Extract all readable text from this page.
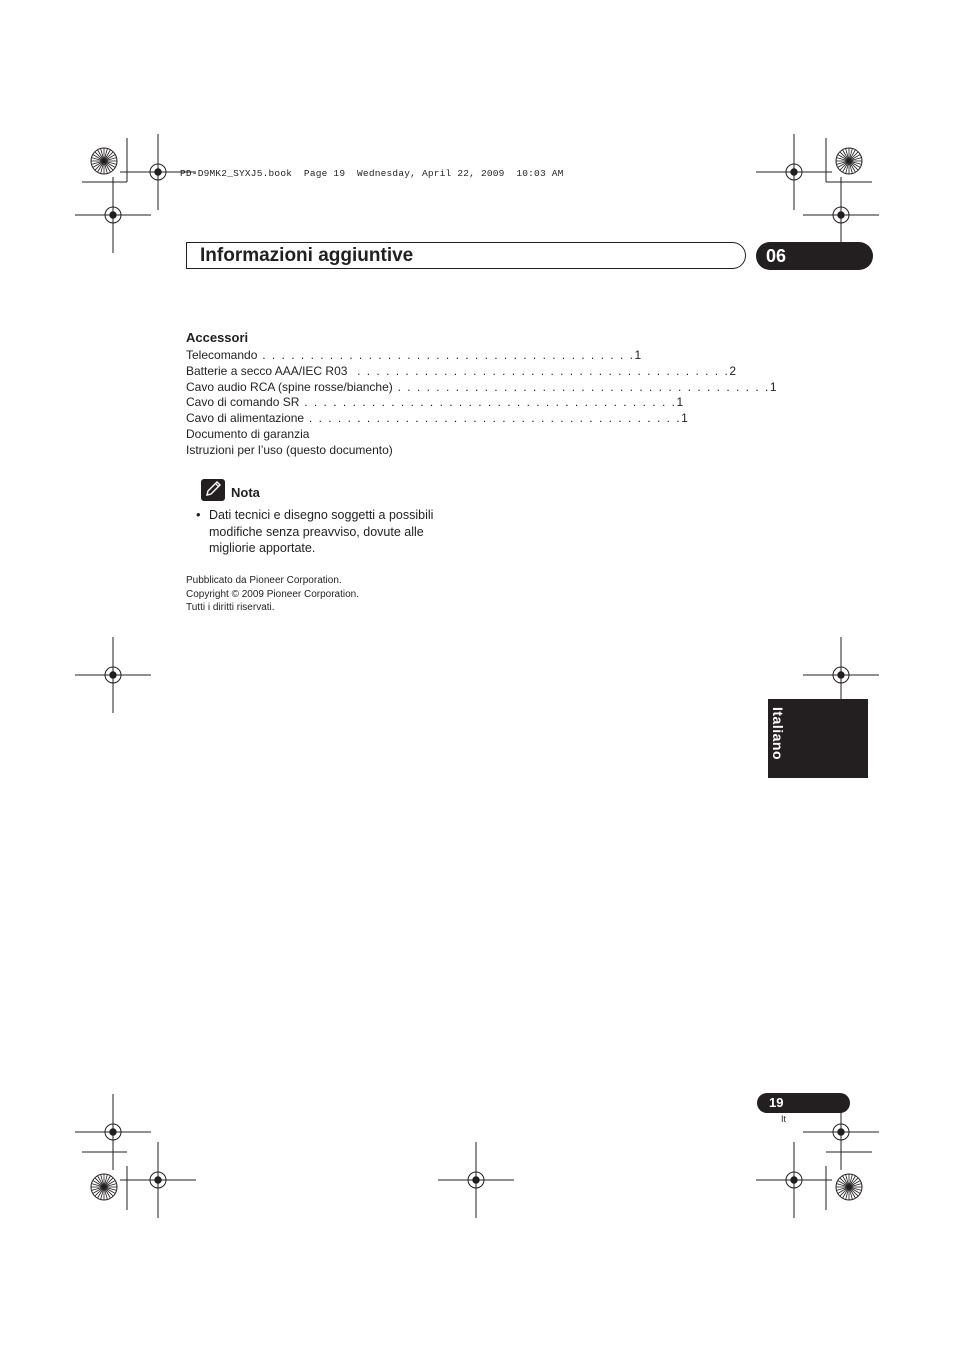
PD-D9MK2_SYXJ5.book  Page 19  Wednesday, April 22, 2009  10:03 AM
Informazioni aggiuntive	06
Accessori
Telecomando . . . . . . . . . . . . . . . . . . . . . . . . . . . . . . . . . . . . . . . 1
Batterie a secco AAA/IEC R03 . . . . . . . . . . . . . . . . . . . . . . . . . . . . . . . . . . . . . . . 2
Cavo audio RCA (spine rosse/bianche) . . . . . . . . . . . . . . . . . . . . . . . . . . . . . . . . . . . . . . . 1
Cavo di comando SR . . . . . . . . . . . . . . . . . . . . . . . . . . . . . . . . . . . . . . . 1
Cavo di alimentazione . . . . . . . . . . . . . . . . . . . . . . . . . . . . . . . . . . . . . . . 1
Documento di garanzia
Istruzioni per l’uso (questo documento)
Nota
• Dati tecnici e disegno soggetti a possibili modifiche senza preavviso, dovute alle migliorie apportate.
Pubblicato da Pioneer Corporation.
Copyright © 2009 Pioneer Corporation.
Tutti i diritti riservati.
Italiano
19
It
